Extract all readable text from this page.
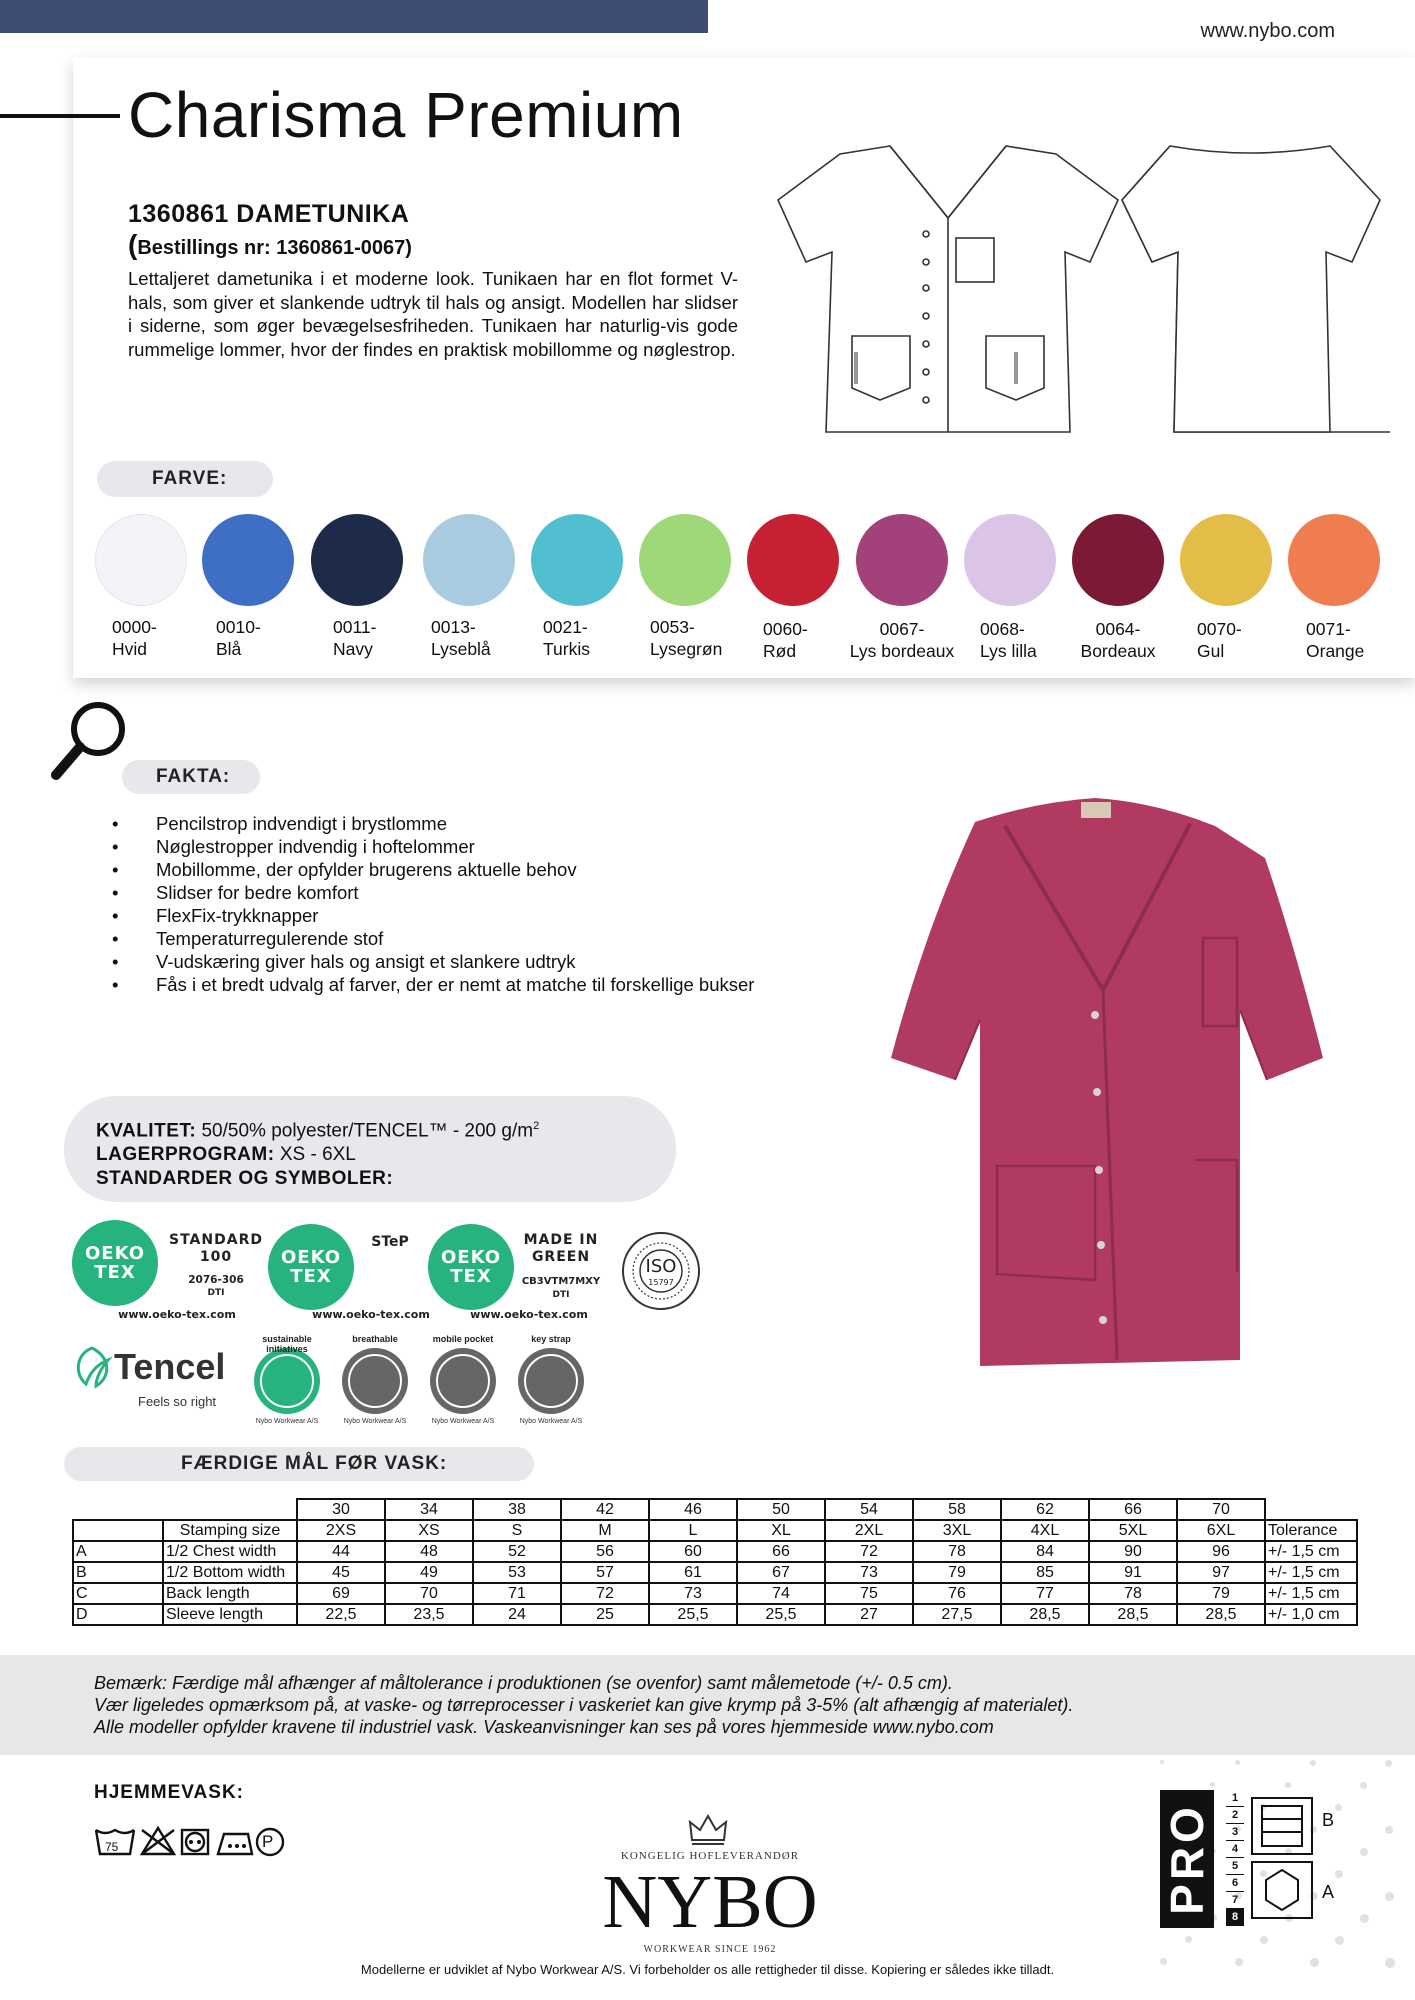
www.nybo.com
Charisma Premium
1360861 DAMETUNIKA
(Bestillings nr: 1360861-0067)
Lettaljeret dametunika i et moderne look. Tunikaen har en flot formet V-hals, som giver et slankende udtryk til hals og ansigt. Modellen har slidser i siderne, som øger bevægelsesfriheden. Tunikaen har naturlig-vis gode rummelige lommer, hvor der findes en praktisk mobillomme og nøglestrop.
FARVE:
0000-
Hvid
0010-
Blå
0011-
Navy
0013-
Lyseblå
0021-
Turkis
0053-
Lysegrøn
0060-
Rød
0067-
Lys bordeaux
0068-
Lys lilla
0064-
Bordeaux
0070-
Gul
0071-
Orange
FAKTA:
• Pencilstrop indvendigt i brystlomme
• Nøglestropper indvendig i hoftelommer
• Mobillomme, der opfylder brugerens aktuelle behov
• Slidser for bedre komfort
• FlexFix-trykknapper
• Temperaturregulerende stof
• V-udskæring giver hals og ansigt et slankere udtryk
• Fås i et bredt udvalg af farver, der er nemt at matche til forskellige bukser
KVALITET: 50/50% polyester/TENCEL™ - 200 $g/m^2$
LAGERPROGRAM: XS - 6XL
STANDARDER OG SYMBOLER:
OEKO TEX
STANDARD 100
2076-306
DTI
www.oeko-tex.com
OEKO TEX
STeP
www.oeko-tex.com
OEKO TEX
MADE IN GREEN
CB3VTM7MXY
DTI
www.oeko-tex.com
ISO
15797
Tencel
Feels so right
sustainable initiatives
Nybo Workwear A/S
breathable
Nybo Workwear A/S
mobile pocket
Nybo Workwear A/S
key strap
Nybo Workwear A/S
FÆRDIGE MÅL FØR VASK:
		30	34	38	42	46	50	54	58	62	66	70	
	Stamping size	2XS	XS	S	M	L	XL	2XL	3XL	4XL	5XL	6XL	Tolerance
A	1/2 Chest width	44	48	52	56	60	66	72	78	84	90	96	+/- 1,5 cm
B	1/2 Bottom width	45	49	53	57	61	67	73	79	85	91	97	+/- 1,5 cm
C	Back length	69	70	71	72	73	74	75	76	77	78	79	+/- 1,5 cm
D	Sleeve length	22,5	23,5	24	25	25,5	25,5	27	27,5	28,5	28,5	28,5	+/- 1,0 cm
Bemærk: Færdige mål afhænger af måltolerance i produktionen (se ovenfor) samt målemetode (+/- 0.5 cm).
Vær ligeledes opmærksom på, at vaske- og tørreprocesser i vaskeriet kan give krymp på 3-5% (alt afhængig af materialet).
Alle modeller opfylder kravene til industriel vask. Vaskeanvisninger kan ses på vores hjemmeside www.nybo.com
HJEMMEVASK:
75	P
KONGELIG HOFLEVERANDØR
NYBO
WORKWEAR SINCE 1962
PRO
1
2
3
4
5
6
7
8
B
A
Modellerne er udviklet af Nybo Workwear A/S. Vi forbeholder os alle rettigheder til disse. Kopiering er således ikke tilladt.
